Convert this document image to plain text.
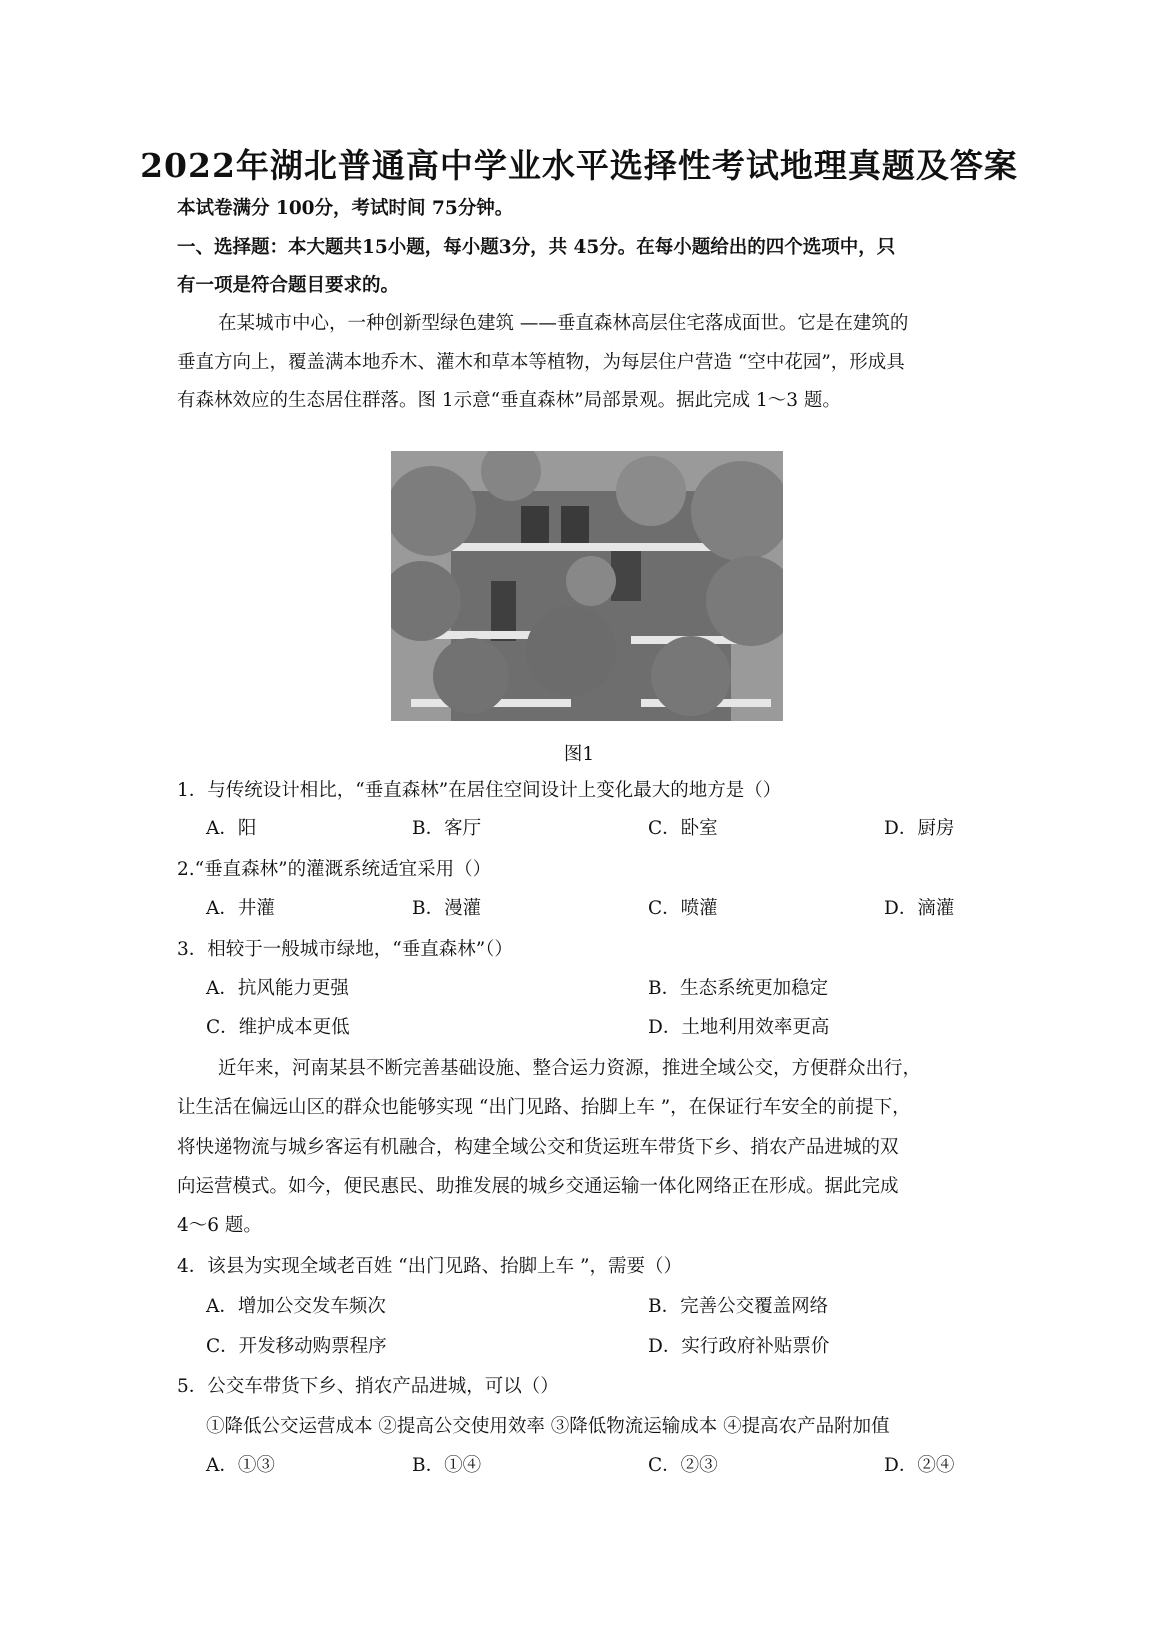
2022年湖北普通高中学业水平选择性考试地理真题及答案
本试卷满分 100分，考试时间 75分钟。
一、选择题：本大题共15小题，每小题3分，共 45分。在每小题给出的四个选项中，只
有一项是符合题目要求的。
在某城市中心，一种创新型绿色建筑 ——垂直森林高层住宅落成面世。它是在建筑的
垂直方向上，覆盖满本地乔木、灌木和草本等植物，为每层住户营造 “空中花园”，形成具
有森林效应的生态居住群落。图 1示意“垂直森林”局部景观。据此完成 1～3 题。
图1
1．与传统设计相比，“垂直森林”在居住空间设计上变化最大的地方是（）
A．阳	B．客厅	C．卧室	D．厨房
2.“垂直森林”的灌溉系统适宜采用（）
A．井灌	B．漫灌	C．喷灌	D．滴灌
3．相较于一般城市绿地，“垂直森林”（）
A．抗风能力更强	B．生态系统更加稳定
C．维护成本更低	D．土地利用效率更高
近年来，河南某县不断完善基础设施、整合运力资源，推进全域公交，方便群众出行，
让生活在偏远山区的群众也能够实现 “出门见路、抬脚上车 ”，在保证行车安全的前提下，
将快递物流与城乡客运有机融合，构建全域公交和货运班车带货下乡、捎农产品进城的双
向运营模式。如今，便民惠民、助推发展的城乡交通运输一体化网络正在形成。据此完成
4～6 题。
4．该县为实现全域老百姓 “出门见路、抬脚上车 ”，需要（）
A．增加公交发车频次	B．完善公交覆盖网络
C．开发移动购票程序	D．实行政府补贴票价
5．公交车带货下乡、捎农产品进城，可以（）
①降低公交运营成本 ②提高公交使用效率 ③降低物流运输成本 ④提高农产品附加值
A．①③	B．①④	C．②③	D．②④
